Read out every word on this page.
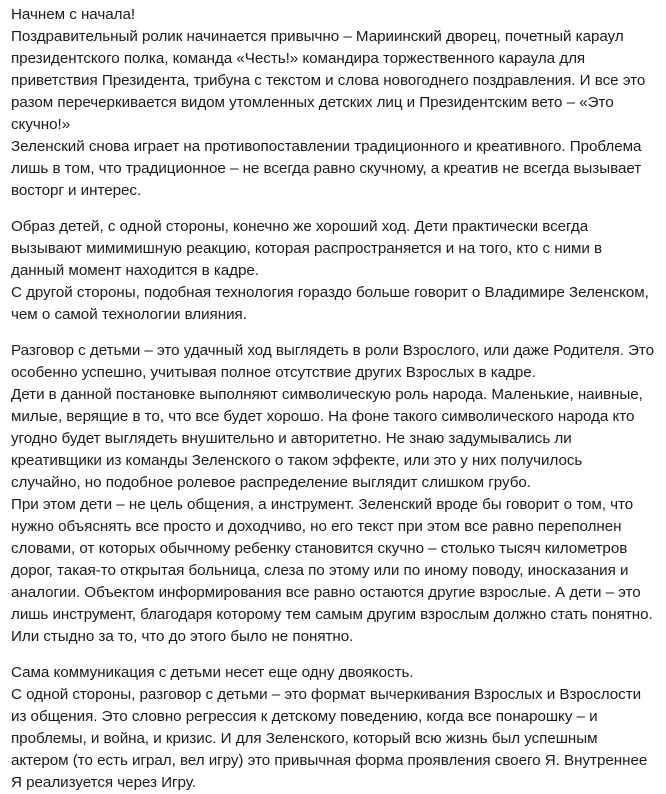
Начнем с начала!

Поздравительный ролик начинается привычно – Мариинский дворец, почетный караул президентского полка, команда «Честь!» командира торжественного караула для приветствия Президента, трибуна с текстом и слова новогоднего поздравления. И все это разом перечеркивается видом утомленных детских лиц и Президентским вето – «Это скучно!»

Зеленский снова играет на противопоставлении традиционного и креативного. Проблема лишь в том, что традиционное – не всегда равно скучному, а креатив не всегда вызывает восторг и интерес.

Образ детей, с одной стороны, конечно же хороший ход. Дети практически всегда вызывают мимимишную реакцию, которая распространяется и на того, кто с ними в данный момент находится в кадре.

С другой стороны, подобная технология гораздо больше говорит о Владимире Зеленском, чем о самой технологии влияния.

Разговор с детьми – это удачный ход выглядеть в роли Взрослого, или даже Родителя. Это особенно успешно, учитывая полное отсутствие других Взрослых в кадре.

Дети в данной постановке выполняют символическую роль народа. Маленькие, наивные, милые, верящие в то, что все будет хорошо. На фоне такого символического народа кто угодно будет выглядеть внушительно и авторитетно. Не знаю задумывались ли креативщики из команды Зеленского о таком эффекте, или это у них получилось случайно, но подобное ролевое распределение выглядит слишком грубо.

При этом дети – не цель общения, а инструмент. Зеленский вроде бы говорит о том, что нужно объяснять все просто и доходчиво, но его текст при этом все равно переполнен словами, от которых обычному ребенку становится скучно – столько тысяч километров дорог, такая-то открытая больница, слеза по этому или по иному поводу, иносказания и аналогии. Объектом информирования все равно остаются другие взрослые. А дети – это лишь инструмент, благодаря которому тем самым другим взрослым должно стать понятно. Или стыдно за то, что до этого было не понятно.

Сама коммуникация с детьми несет еще одну двоякость.

С одной стороны, разговор с детьми – это формат вычеркивания Взрослых и Взрослости из общения. Это словно регрессия к детскому поведению, когда все понарошку – и проблемы, и война, и кризис. И для Зеленского, который всю жизнь был успешным актером (то есть играл, вел игру) это привычная форма проявления своего Я. Внутреннее Я реализуется через Игру.
